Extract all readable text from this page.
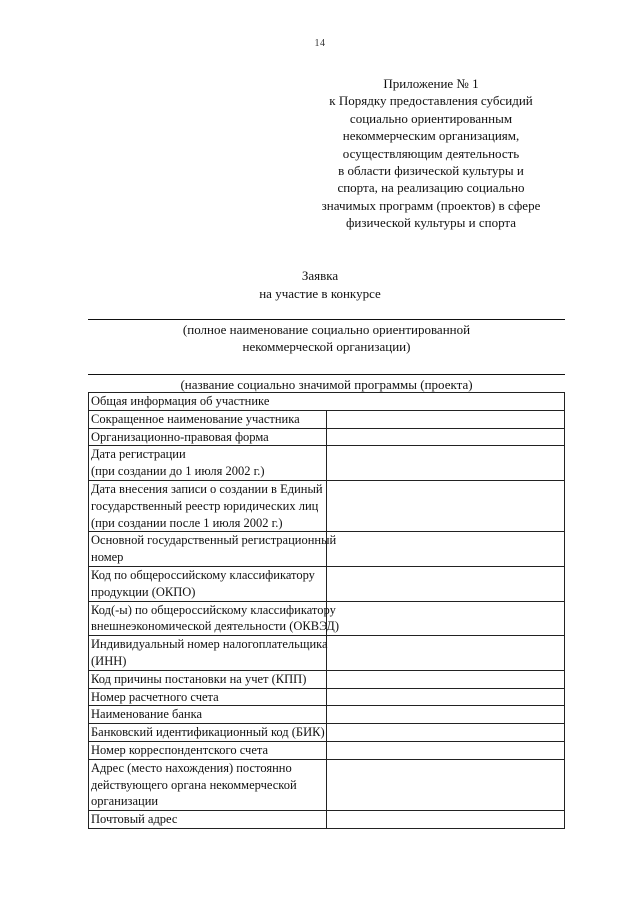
14
Приложение № 1
к Порядку предоставления субсидий
социально ориентированным
некоммерческим организациям,
осуществляющим деятельность
в области физической культуры и
спорта, на реализацию социально
значимых программ (проектов) в сфере
физической культуры и спорта
Заявка
на участие в конкурсе
(полное наименование социально ориентированной
некоммерческой организации)
(название социально значимой программы (проекта)
Общая информация об участнике	

Сокращенное наименование участника	

Организационно-правовая форма	

Дата регистрации
(при создании до 1 июля 2002 г.)	

Дата внесения записи о создании в Единый
государственный реестр юридических лиц
(при создании после 1 июля 2002 г.)	

Основной государственный регистрационный
номер	

Код по общероссийскому классификатору
продукции (ОКПО)	

Код(-ы) по общероссийскому классификатору
внешнеэкономической деятельности (ОКВЭД)	

Индивидуальный номер налогоплательщика
(ИНН)	

Код причины постановки на учет (КПП)	

Номер расчетного счета	

Наименование банка	

Банковский идентификационный код (БИК)	

Номер корреспондентского счета	

Адрес (место нахождения) постоянно
действующего органа некоммерческой
организации	

Почтовый адрес	
